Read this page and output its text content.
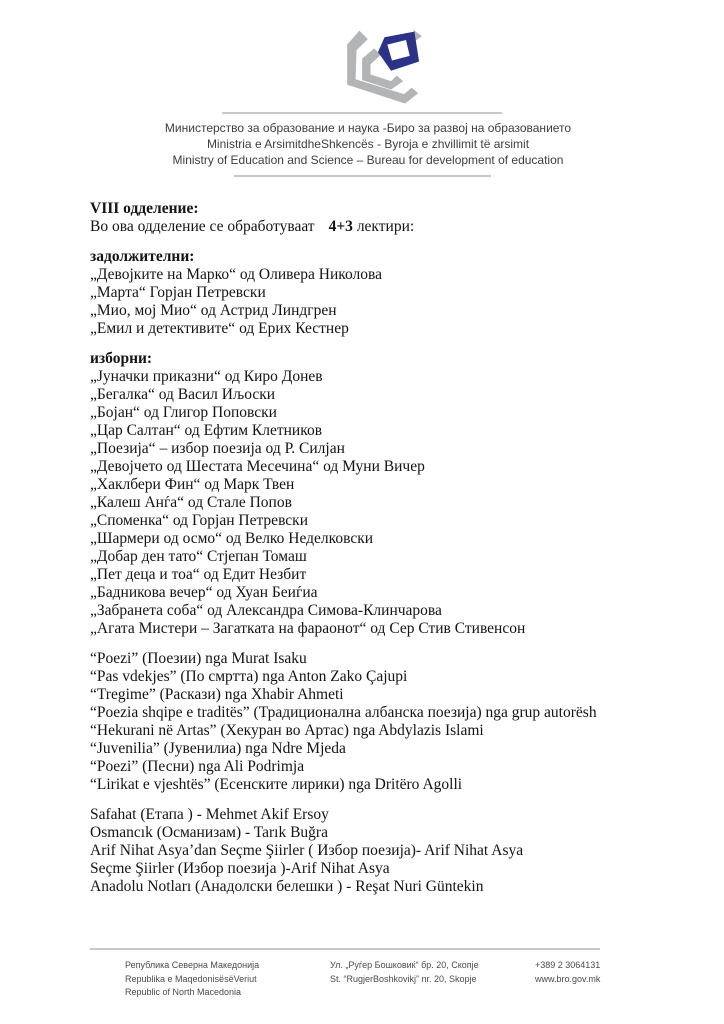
Министерство за образование и наука -Биро за развој на образованието
Ministria e ArsimitdheShkencës - Byroja e zhvillimit të arsimit
Ministry of Education and Science – Bureau for development of education
VIII одделение:
Во ова одделение се обработуваат 4+3 лектири:
задолжителни:
„Девојките на Марко“ од Оливера Николова
„Марта“ Горјан Петревски
„Мио, мој Мио“ од Астрид Линдгрен
„Емил и детективите“ од Ерих Кестнер
изборни:
„Јуначки приказни“ од Киро Донев
„Бегалка“ од Васил Иљоски
„Бојан“ од Глигор Поповски
„Цар Салтан“ од Ефтим Клетников
„Поезија“ – избор поезија од Р. Силјан
„Девојчето од Шестата Месечина“ од Муни Вичер
„Хаклбери Фин“ од Марк Твен
„Калеш Анѓа“ од Стале Попов
„Споменка“ од Горјан Петревски
„Шармери од осмо“ од Велко Неделковски
„Добар ден тато“ Стјепан Томаш
„Пет деца и тоа“ од Едит Незбит
„Бадникова вечер“ од Хуан Беиѓиа
„Забранета соба“ од Александра Симова-Клинчарова
„Агата Мистери – Загатката на фараонот“ од Сер Стив Стивенсон
“Poezi” (Поезии) nga Murat Isaku
“Pas vdekjes” (По смртта) nga Anton Zako Çajupi
“Tregime” (Раскази) nga Xhabir Ahmeti
“Poezia shqipe e traditës” (Традиционална албанска поезија) nga grup autorësh
“Hekurani në Artas” (Хекуран во Артас) nga Abdylazis Islami
“Juvenilia” (Јувенилиа) nga Ndre Mjeda
“Poezi” (Песни) nga Ali Podrimja
“Lirikat e vjeshtës” (Есенските лирики) nga Dritëro Agolli
Safahat (Етапа ) - Mehmet Akif Ersoy
Osmancık (Османизам) - Tarık Buğra
Arif Nihat Asya’dan Seçme Şiirler ( Избор поезија)- Arif Nihat Asya
Seçme Şiirler (Избор поезија )-Arif Nihat Asya
Anadolu Notları (Анадолски белешки ) - Reşat Nuri Güntekin
Република Северна Македонија
Republika e MaqedonisësëVeriut
Republic of North Macedonia
Ул. „Руѓер Бошковиќ“ бр. 20, Скопје
St. “RugjerBoshkovikj” nr. 20, Skopje
+389 2 3064131
www.bro.gov.mk
